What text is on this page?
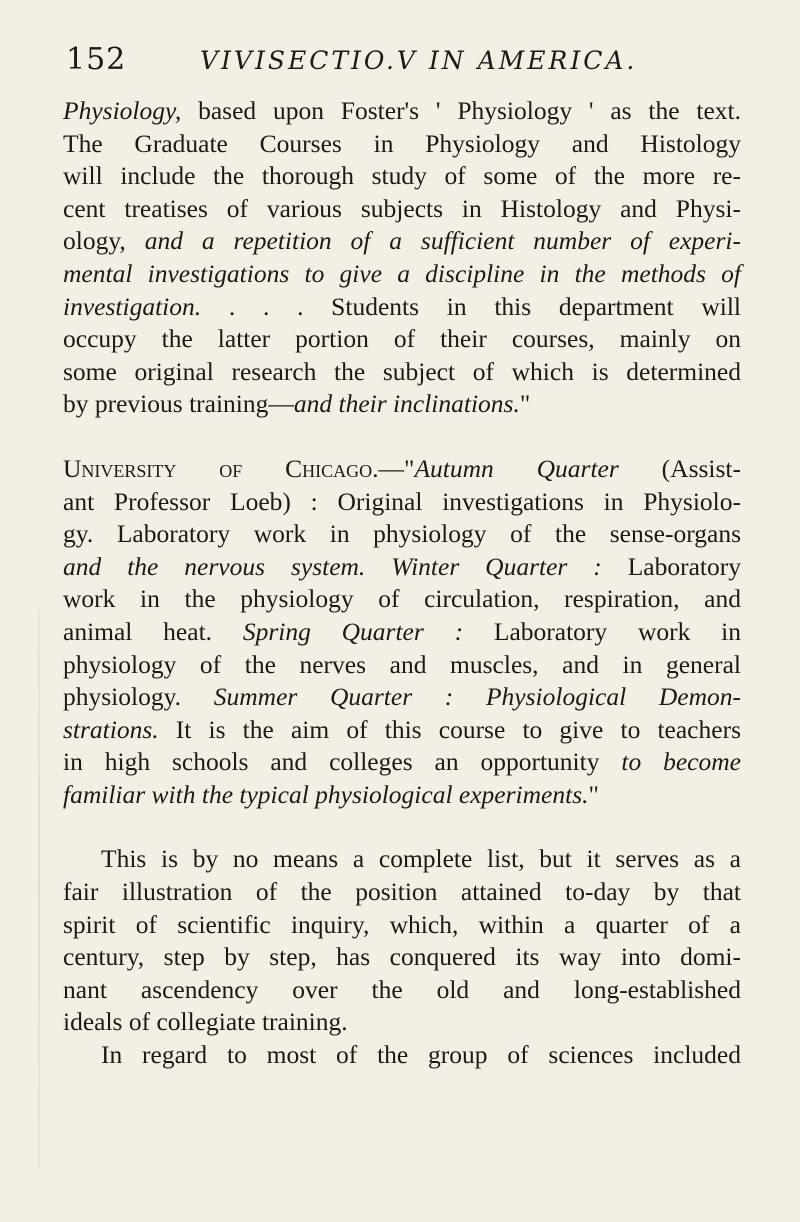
152	VIVISECTIO.V IN AMERICA.
Physiology, based upon Foster's ' Physiology ' as the text.
The Graduate Courses in Physiology and Histology
will include the thorough study of some of the more re-
cent treatises of various subjects in Histology and Physi-
ology, and a repetition of a sufficient number of experi-
mental investigations to give a discipline in the methods of
investigation. . . . Students in this department will
occupy the latter portion of their courses, mainly on
some original research the subject of which is determined
by previous training—and their inclinations."
University of Chicago.—"Autumn Quarter (Assist-
ant Professor Loeb) : Original investigations in Physiolo-
gy. Laboratory work in physiology of the sense-organs
and the nervous system. Winter Quarter : Laboratory
work in the physiology of circulation, respiration, and
animal heat. Spring Quarter : Laboratory work in
physiology of the nerves and muscles, and in general
physiology. Summer Quarter : Physiological Demon-
strations. It is the aim of this course to give to teachers
in high schools and colleges an opportunity to become
familiar with the typical physiological experiments."
This is by no means a complete list, but it serves as a
fair illustration of the position attained to-day by that
spirit of scientific inquiry, which, within a quarter of a
century, step by step, has conquered its way into domi-
nant ascendency over the old and long-established
ideals of collegiate training.
In regard to most of the group of sciences included
